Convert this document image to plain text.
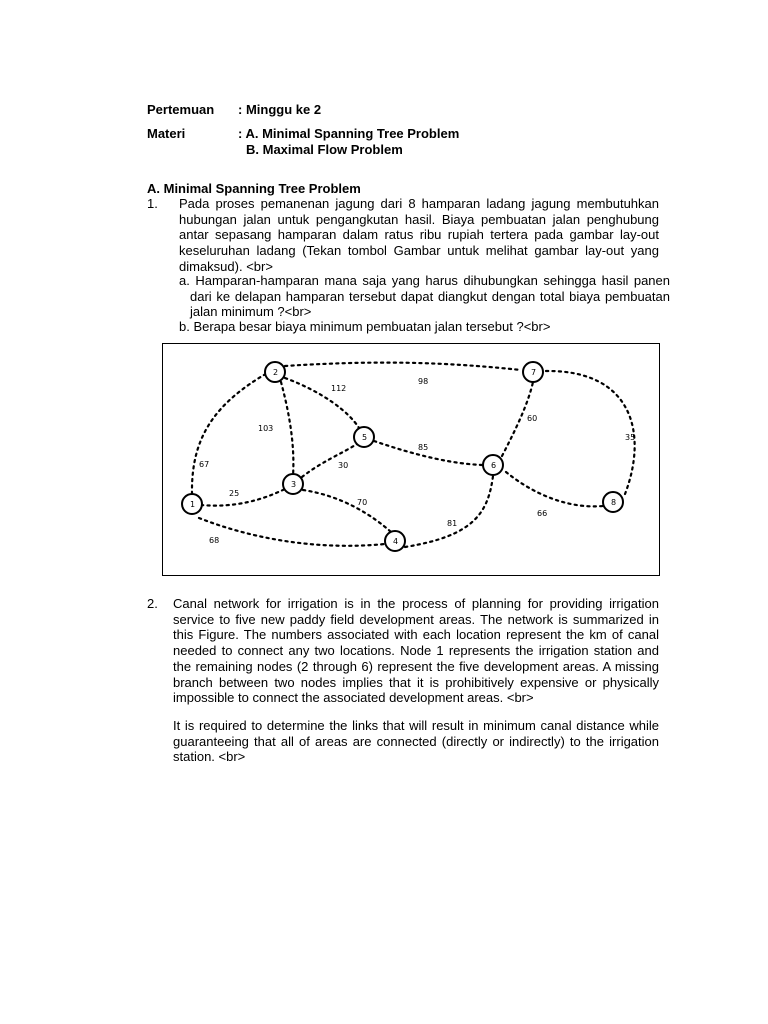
Pertemuan : Minggu ke 2
Materi	: A. Minimal Spanning Tree Problem
B. Maximal Flow Problem
A. Minimal Spanning Tree Problem
1. Pada proses pemanenan jagung dari 8 hamparan ladang jagung membutuhkan hubungan jalan untuk pengangkutan hasil. Biaya pembuatan jalan penghubung antar sepasang hamparan dalam ratus ribu rupiah tertera pada gambar lay-out keseluruhan ladang (Tekan tombol Gambar untuk melihat gambar lay-out yang dimaksud). <br>

a. Hamparan-hamparan mana saja yang harus dihubungkan sehingga hasil panen dari ke delapan hamparan tersebut dapat diangkut dengan total biaya pembuatan jalan minimum ?<br>

b. Berapa besar biaya minimum pembuatan jalan tersebut ?<br>

1
2
3
4
5
6
7
8
67
25
68
103
112
98
30
70
81
85
60
66
35
2. Canal network for irrigation is in the process of planning for providing irrigation service to five new paddy field development areas. The network is summarized in this Figure. The numbers associated with each location represent the km of canal needed to connect any two locations. Node 1 represents the irrigation station and the remaining nodes (2 through 6) represent the five development areas. A missing branch between two nodes implies that it is prohibitively expensive or physically impossible to connect the associated development areas. <br>

It is required to determine the links that will result in minimum canal distance while guaranteeing that all of areas are connected (directly or indirectly) to the irrigation station. <br>
